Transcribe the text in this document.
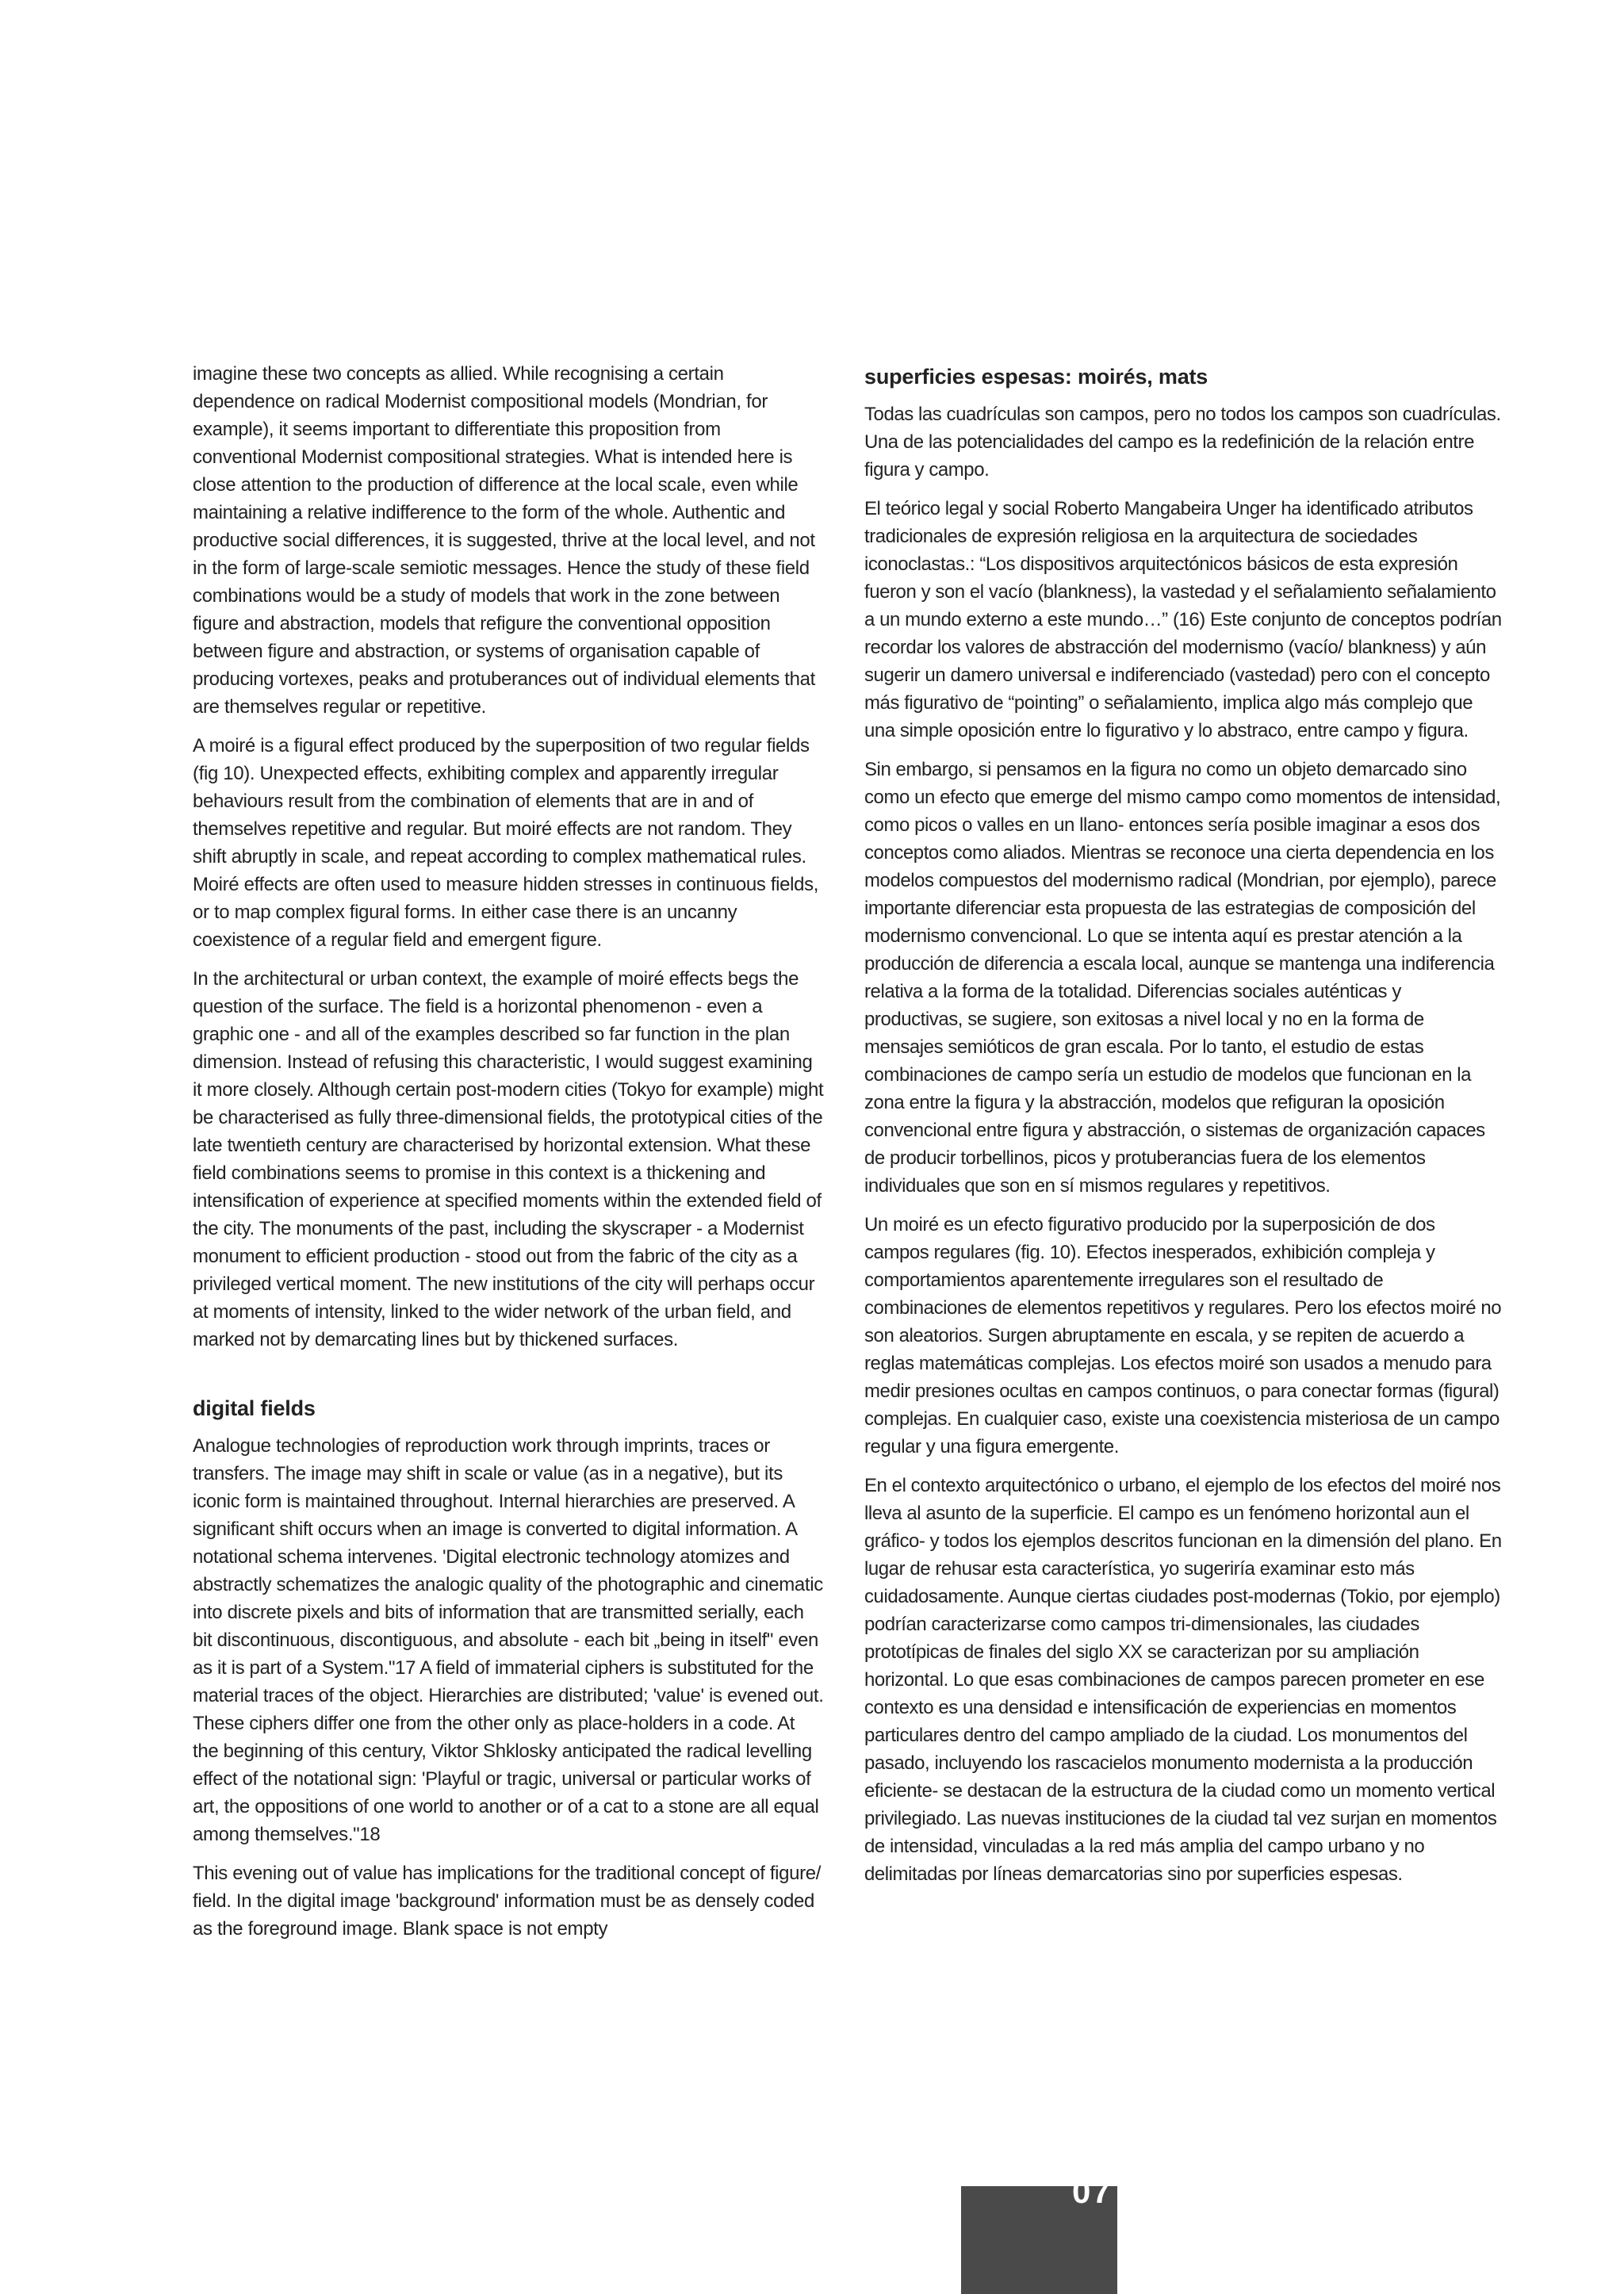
imagine these two concepts as allied. While recognising a certain dependence on radical Modernist compositional models (Mondrian, for example), it seems important to differentiate this proposition from conventional Modernist compositional strategies. What is intended here is close attention to the production of difference at the local scale, even while maintaining a relative indifference to the form of the whole. Authentic and productive social differences, it is suggested, thrive at the local level, and not in the form of large-scale semiotic messages. Hence the study of these field combinations would be a study of models that work in the zone between figure and abstraction, models that refigure the conventional opposition between figure and abstraction, or systems of organisation capable of producing vortexes, peaks and protuberances out of individual elements that are themselves regular or repetitive.

A moiré is a figural effect produced by the superposition of two regular fields (fig 10). Unexpected effects, exhibiting complex and apparently irregular behaviours result from the combination of elements that are in and of themselves repetitive and regular. But moiré effects are not random. They shift abruptly in scale, and repeat according to complex mathematical rules. Moiré effects are often used to measure hidden stresses in continuous fields, or to map complex figural forms. In either case there is an uncanny coexistence of a regular field and emergent figure.

In the architectural or urban context, the example of moiré effects begs the question of the surface. The field is a horizontal phenomenon - even a graphic one - and all of the examples described so far function in the plan dimension. Instead of refusing this characteristic, I would suggest examining it more closely. Although certain post-modern cities (Tokyo for example) might be characterised as fully three-dimensional fields, the prototypical cities of the late twentieth century are characterised by horizontal extension. What these field combinations seems to promise in this context is a thickening and intensification of experience at specified moments within the extended field of the city. The monuments of the past, including the skyscraper - a Modernist monument to efficient production - stood out from the fabric of the city as a privileged vertical moment. The new institutions of the city will perhaps occur at moments of intensity, linked to the wider network of the urban field, and marked not by demarcating lines but by thickened surfaces.

digital fields

Analogue technologies of reproduction work through imprints, traces or transfers. The image may shift in scale or value (as in a negative), but its iconic form is maintained throughout. Internal hierarchies are preserved. A significant shift occurs when an image is converted to digital information. A notational schema intervenes. 'Digital electronic technology atomizes and abstractly schematizes the analogic quality of the photographic and cinematic into discrete pixels and bits of information that are transmitted serially, each bit discontinuous, discontiguous, and absolute - each bit „being in itself" even as it is part of a System."17 A field of immaterial ciphers is substituted for the material traces of the object. Hierarchies are distributed; 'value' is evened out. These ciphers differ one from the other only as place-holders in a code. At the beginning of this century, Viktor Shklosky anticipated the radical levelling effect of the notational sign: 'Playful or tragic, universal or particular works of art, the oppositions of one world to another or of a cat to a stone are all equal among themselves."18

This evening out of value has implications for the traditional concept of figure/ field. In the digital image 'background' information must be as densely coded as the foreground image. Blank space is not empty

superficies espesas: moirés, mats

Todas las cuadrículas son campos, pero no todos los campos son cuadrículas. Una de las potencialidades del campo es la redefinición de la relación entre figura y campo.

El teórico legal y social Roberto Mangabeira Unger ha identificado atributos tradicionales de expresión religiosa en la arquitectura de sociedades iconoclastas.: “Los dispositivos arquitectónicos básicos de esta expresión fueron y son el vacío (blankness), la vastedad y el señalamiento señalamiento a un mundo externo a este mundo…” (16) Este conjunto de conceptos podrían recordar los valores de abstracción del modernismo (vacío/ blankness) y aún sugerir un damero universal e indiferenciado (vastedad) pero con el concepto más figurativo de “pointing” o señalamiento, implica algo más complejo que una simple oposición entre lo figurativo y lo abstraco, entre campo y figura.

Sin embargo, si pensamos en la figura no como un objeto demarcado sino como un efecto que emerge del mismo campo como momentos de intensidad, como picos o valles en un llano- entonces sería posible imaginar a esos dos conceptos como aliados. Mientras se reconoce una cierta dependencia en los modelos compuestos del modernismo radical (Mondrian, por ejemplo), parece importante diferenciar esta propuesta de las estrategias de composición del modernismo convencional. Lo que se intenta aquí es prestar atención a la producción de diferencia a escala local, aunque se mantenga una indiferencia relativa a la forma de la totalidad. Diferencias sociales auténticas y productivas, se sugiere, son exitosas a nivel local y no en la forma de mensajes semióticos de gran escala. Por lo tanto, el estudio de estas combinaciones de campo sería un estudio de modelos que funcionan en la zona entre la figura y la abstracción, modelos que refiguran la oposición convencional entre figura y abstracción, o sistemas de organización capaces de producir torbellinos, picos y protuberancias fuera de los elementos individuales que son en sí mismos regulares y repetitivos.

Un moiré es un efecto figurativo producido por la superposición de dos campos regulares (fig. 10). Efectos inesperados, exhibición compleja y comportamientos aparentemente irregulares son el resultado de combinaciones de elementos repetitivos y regulares. Pero los efectos moiré no son aleatorios. Surgen abruptamente en escala, y se repiten de acuerdo a reglas matemáticas complejas. Los efectos moiré son usados a menudo para medir presiones ocultas en campos continuos, o para conectar formas (figural) complejas. En cualquier caso, existe una coexistencia misteriosa de un campo regular y una figura emergente.

En el contexto arquitectónico o urbano, el ejemplo de los efectos del moiré nos lleva al asunto de la superficie. El campo es un fenómeno horizontal aun el gráfico- y todos los ejemplos descritos funcionan en la dimensión del plano. En lugar de rehusar esta característica, yo sugeriría examinar esto más cuidadosamente. Aunque ciertas ciudades post-modernas (Tokio, por ejemplo) podrían caracterizarse como campos tri-dimensionales, las ciudades prototípicas de finales del siglo XX se caracterizan por su ampliación horizontal. Lo que esas combinaciones de campos parecen prometer en ese contexto es una densidad e intensificación de experiencias en momentos particulares dentro del campo ampliado de la ciudad. Los monumentos del pasado, incluyendo los rascacielos monumento modernista a la producción eficiente- se destacan de la estructura de la ciudad como un momento vertical privilegiado. Las nuevas instituciones de la ciudad tal vez surjan en momentos de intensidad, vinculadas a la red más amplia del campo urbano y no delimitadas por líneas demarcatorias sino por superficies espesas.

07
